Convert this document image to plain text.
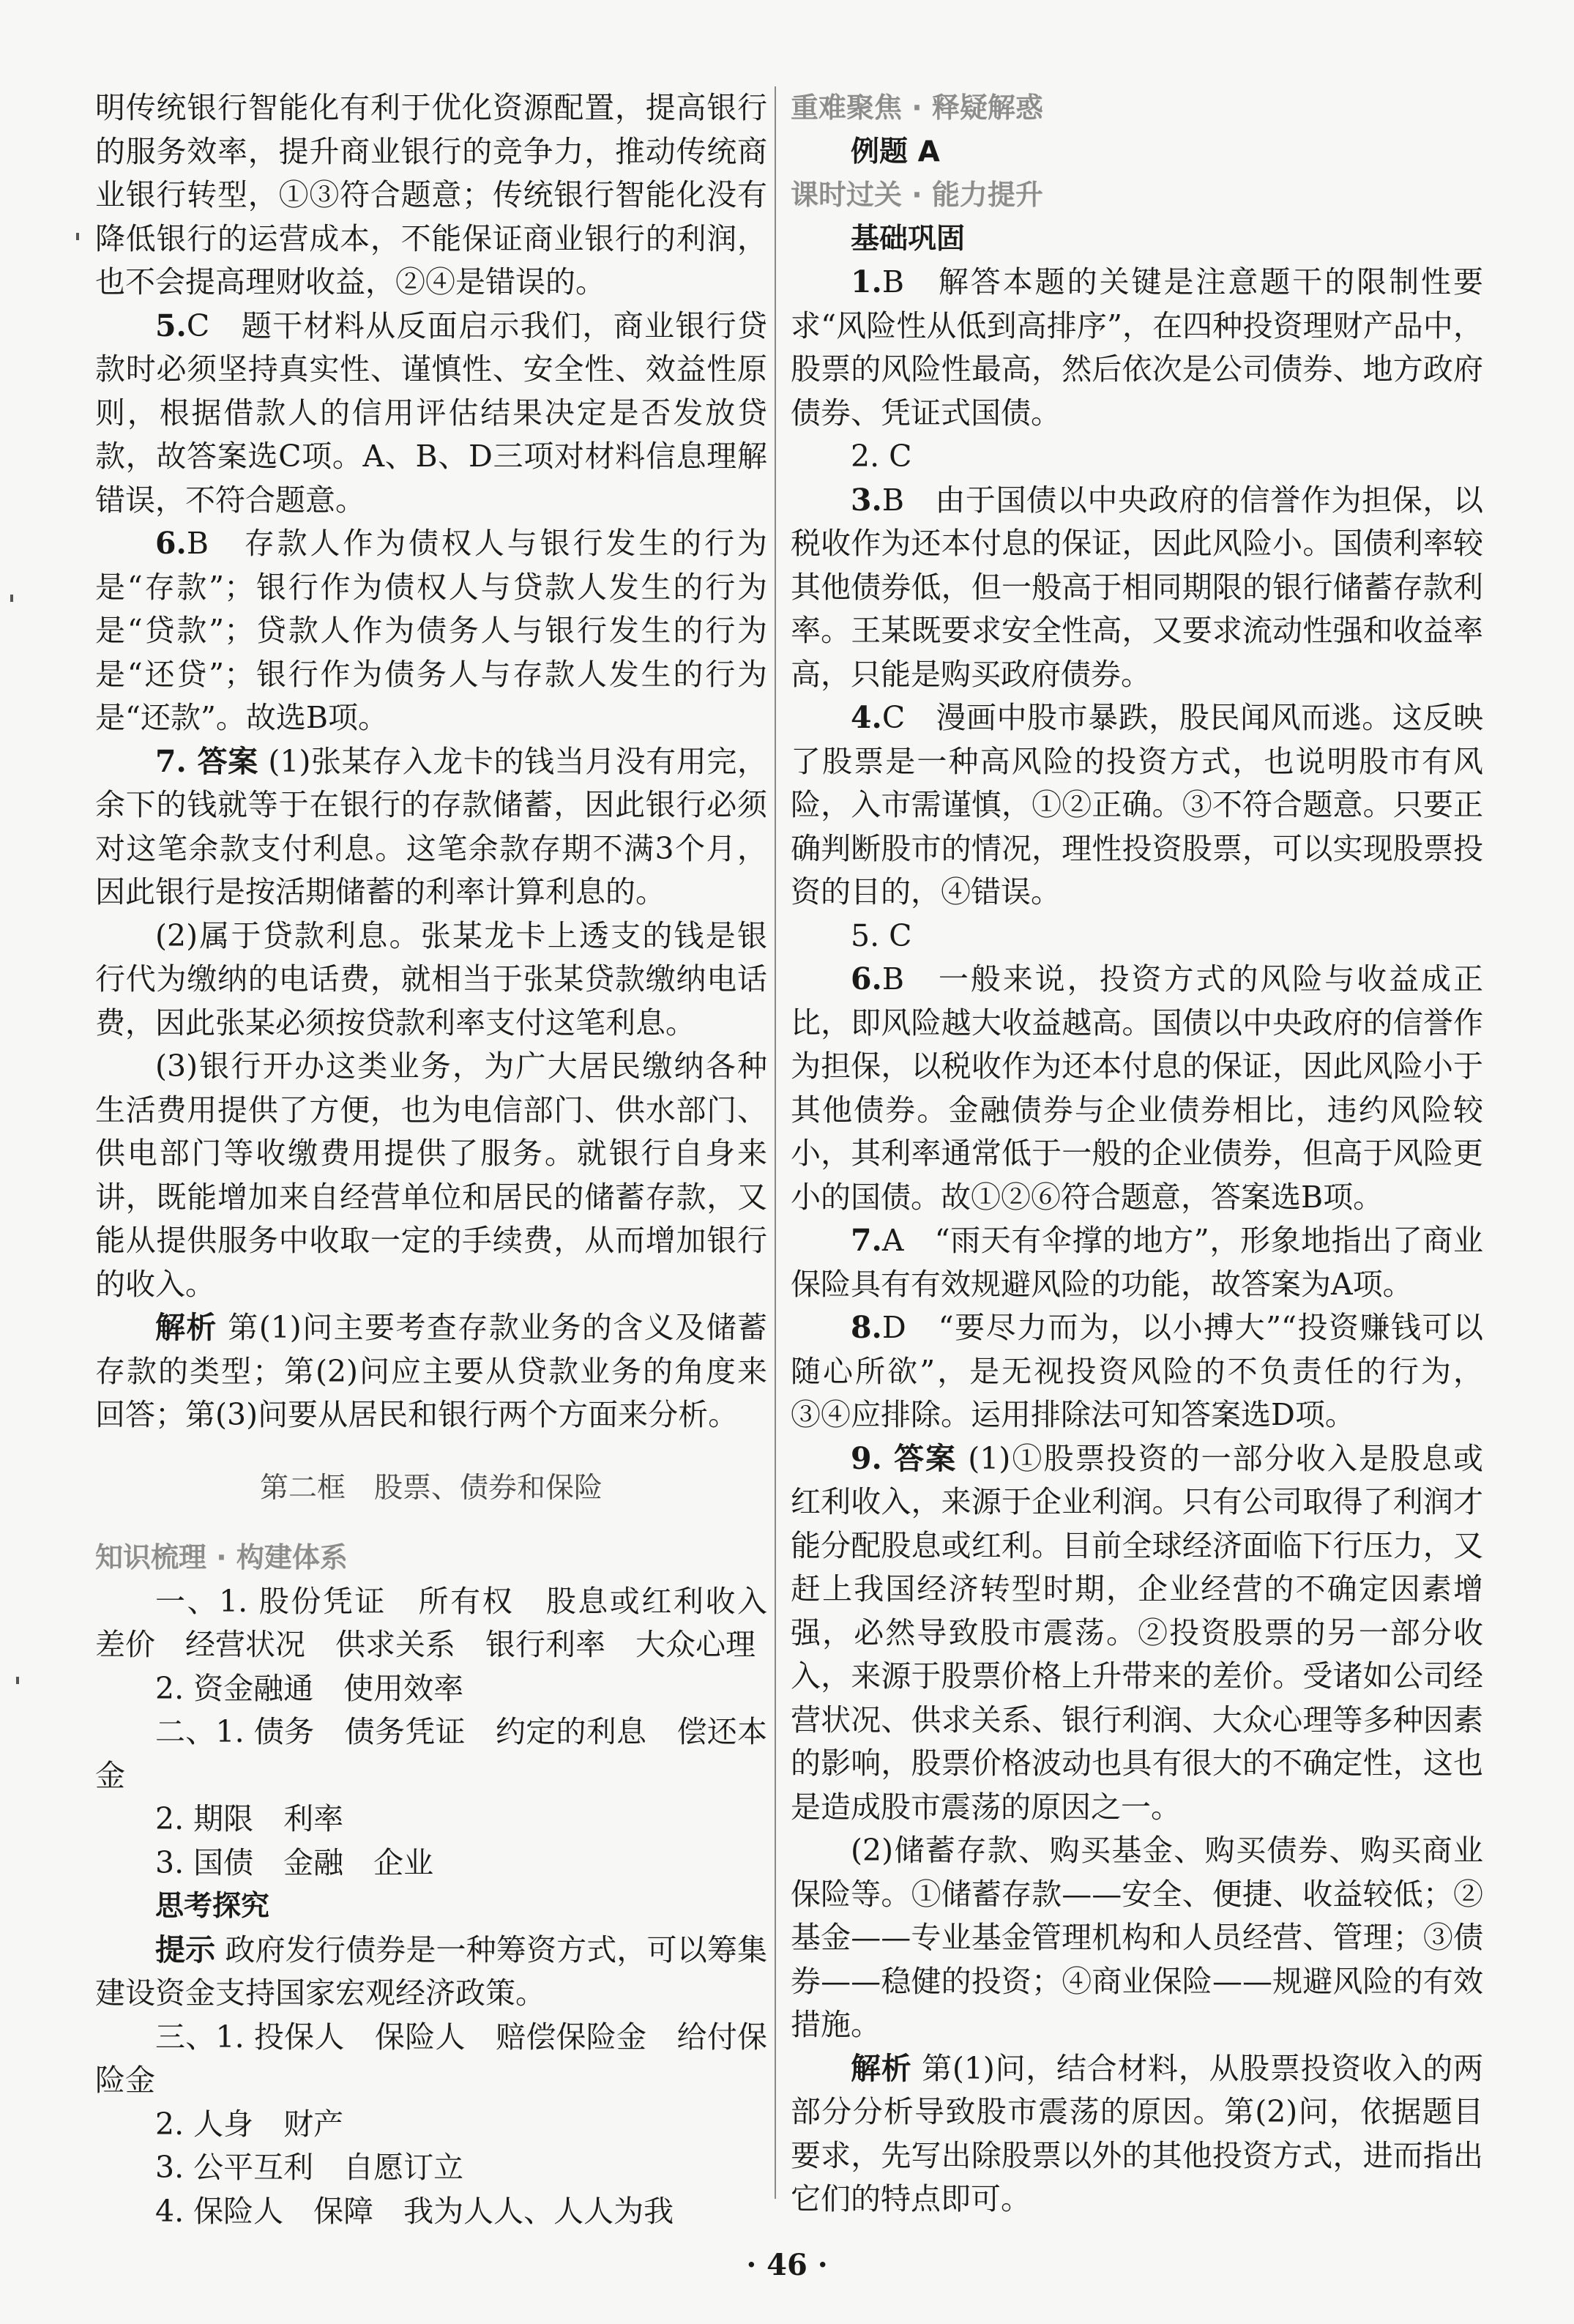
明传统银行智能化有利于优化资源配置，提高银行的服务效率，提升商业银行的竞争力，推动传统商业银行转型，①③符合题意；传统银行智能化没有降低银行的运营成本，不能保证商业银行的利润，也不会提高理财收益，②④是错误的。

5.C　题干材料从反面启示我们，商业银行贷款时必须坚持真实性、谨慎性、安全性、效益性原则，根据借款人的信用评估结果决定是否发放贷款，故答案选C项。A、B、D三项对材料信息理解错误，不符合题意。

6.B　存款人作为债权人与银行发生的行为是“存款”；银行作为债权人与贷款人发生的行为是“贷款”；贷款人作为债务人与银行发生的行为是“还贷”；银行作为债务人与存款人发生的行为是“还款”。故选B项。

7. 答案 (1)张某存入龙卡的钱当月没有用完，余下的钱就等于在银行的存款储蓄，因此银行必须对这笔余款支付利息。这笔余款存期不满3个月，因此银行是按活期储蓄的利率计算利息的。

(2)属于贷款利息。张某龙卡上透支的钱是银行代为缴纳的电话费，就相当于张某贷款缴纳电话费，因此张某必须按贷款利率支付这笔利息。

(3)银行开办这类业务，为广大居民缴纳各种生活费用提供了方便，也为电信部门、供水部门、供电部门等收缴费用提供了服务。就银行自身来讲，既能增加来自经营单位和居民的储蓄存款，又能从提供服务中收取一定的手续费，从而增加银行的收入。

解析 第(1)问主要考查存款业务的含义及储蓄存款的类型；第(2)问应主要从贷款业务的角度来回答；第(3)问要从居民和银行两个方面来分析。

第二框　股票、债券和保险

知识梳理 · 构建体系

一、1. 股份凭证　所有权　股息或红利收入　差价　经营状况　供求关系　银行利率　大众心理

2. 资金融通　使用效率

二、1. 债务　债务凭证　约定的利息　偿还本金

2. 期限　利率

3. 国债　金融　企业

思考探究

提示 政府发行债券是一种筹资方式，可以筹集建设资金支持国家宏观经济政策。

三、1. 投保人　保险人　赔偿保险金　给付保险金

2. 人身　财产

3. 公平互利　自愿订立

4. 保险人　保障　我为人人、人人为我

重难聚焦 · 释疑解惑

例题 A

课时过关 · 能力提升

基础巩固

1.B　解答本题的关键是注意题干的限制性要求“风险性从低到高排序”，在四种投资理财产品中，股票的风险性最高，然后依次是公司债券、地方政府债券、凭证式国债。

2. C

3.B　由于国债以中央政府的信誉作为担保，以税收作为还本付息的保证，因此风险小。国债利率较其他债券低，但一般高于相同期限的银行储蓄存款利率。王某既要求安全性高，又要求流动性强和收益率高，只能是购买政府债券。

4.C　漫画中股市暴跌，股民闻风而逃。这反映了股票是一种高风险的投资方式，也说明股市有风险，入市需谨慎，①②正确。③不符合题意。只要正确判断股市的情况，理性投资股票，可以实现股票投资的目的，④错误。

5. C

6.B　一般来说，投资方式的风险与收益成正比，即风险越大收益越高。国债以中央政府的信誉作为担保，以税收作为还本付息的保证，因此风险小于其他债券。金融债券与企业债券相比，违约风险较小，其利率通常低于一般的企业债券，但高于风险更小的国债。故①②⑥符合题意，答案选B项。

7.A　“雨天有伞撑的地方”，形象地指出了商业保险具有有效规避风险的功能，故答案为A项。

8.D　“要尽力而为，以小搏大”“投资赚钱可以随心所欲”，是无视投资风险的不负责任的行为，③④应排除。运用排除法可知答案选D项。

9. 答案 (1)①股票投资的一部分收入是股息或红利收入，来源于企业利润。只有公司取得了利润才能分配股息或红利。目前全球经济面临下行压力，又赶上我国经济转型时期，企业经营的不确定因素增强，必然导致股市震荡。②投资股票的另一部分收入，来源于股票价格上升带来的差价。受诸如公司经营状况、供求关系、银行利润、大众心理等多种因素的影响，股票价格波动也具有很大的不确定性，这也是造成股市震荡的原因之一。

(2)储蓄存款、购买基金、购买债券、购买商业保险等。①储蓄存款——安全、便捷、收益较低；②基金——专业基金管理机构和人员经营、管理；③债券——稳健的投资；④商业保险——规避风险的有效措施。

解析 第(1)问，结合材料，从股票投资收入的两部分分析导致股市震荡的原因。第(2)问，依据题目要求，先写出除股票以外的其他投资方式，进而指出它们的特点即可。

· 46 ·
